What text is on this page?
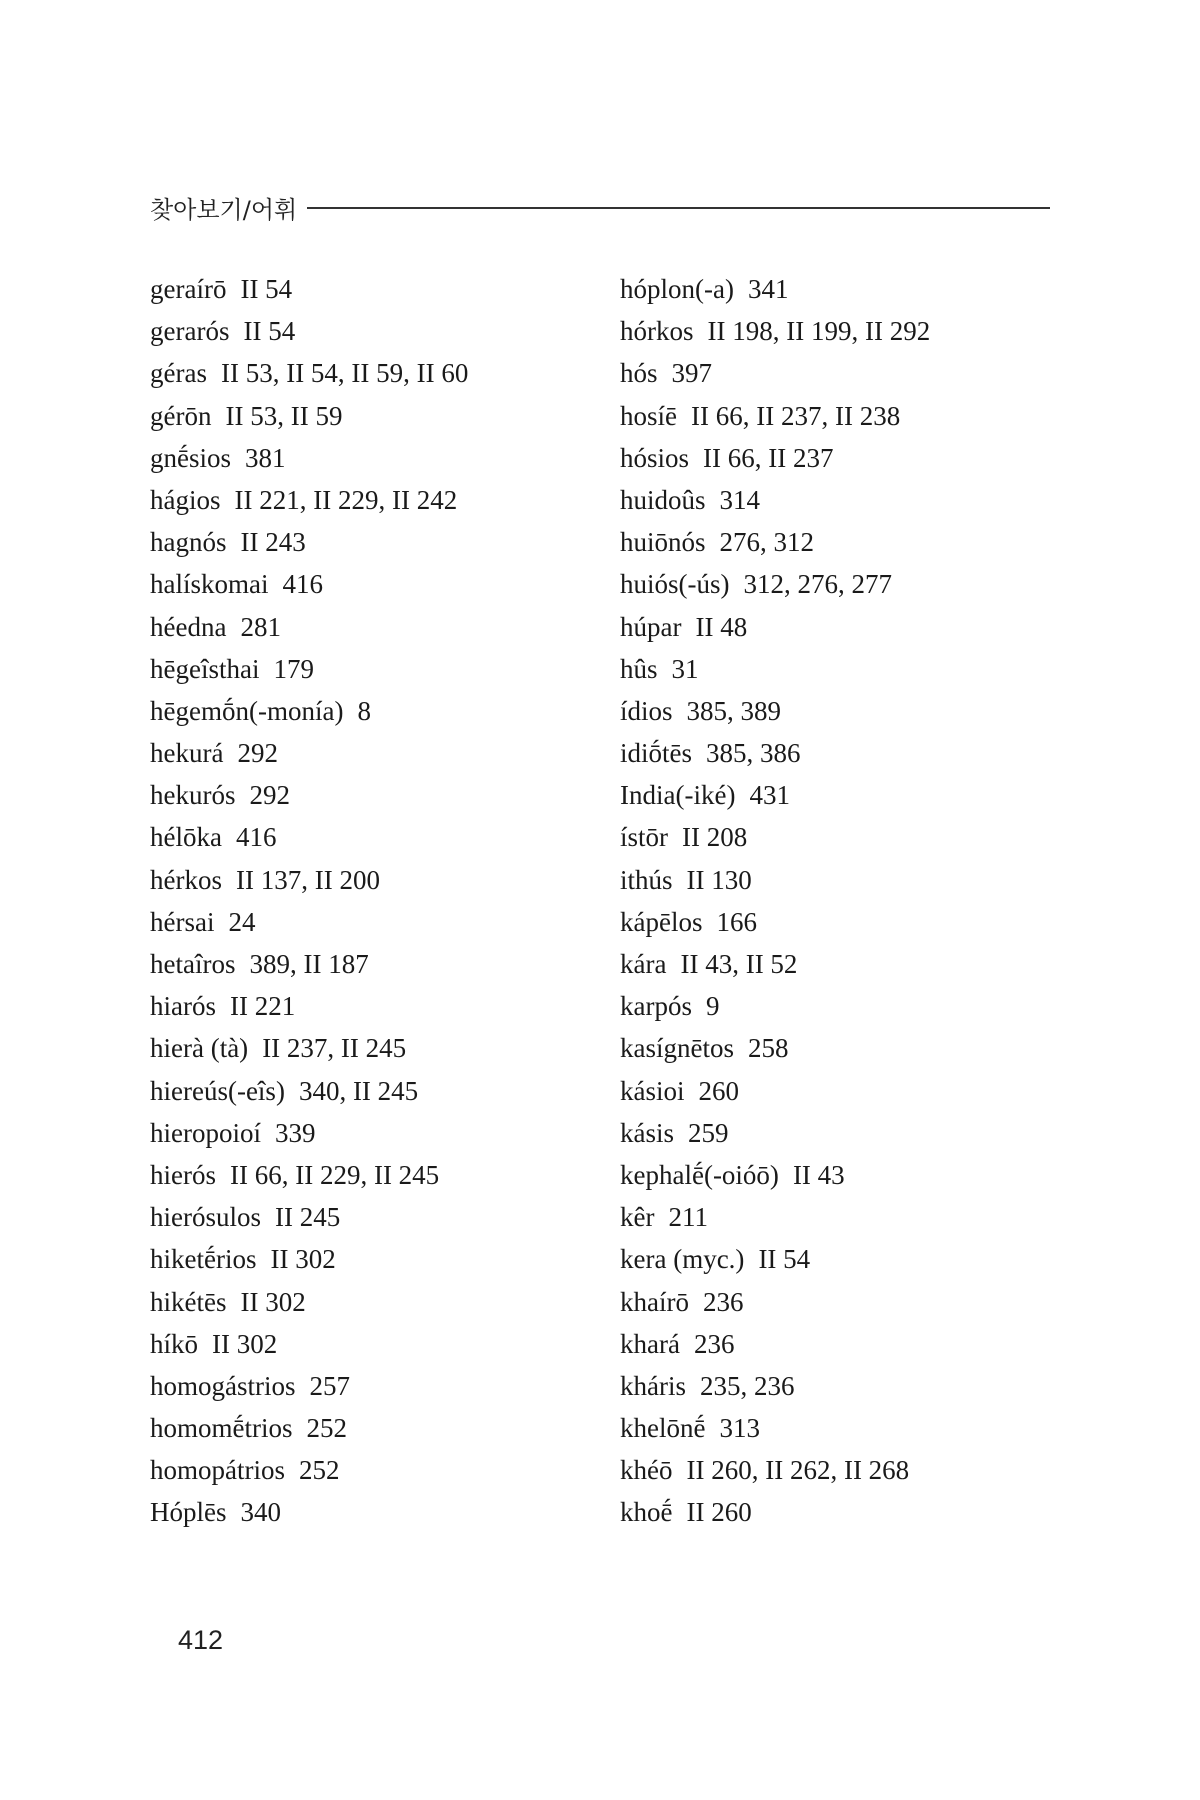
찾아보기/어휘
geraírō II 54
gerarós II 54
géras II 53, II 54, II 59, II 60
gérōn II 53, II 59
gnḗsios 381
hágios II 221, II 229, II 242
hagnós II 243
halískomai 416
héedna 281
hēgeîsthai 179
hēgemṓn(-monía) 8
hekurá 292
hekurós 292
hélōka 416
hérkos II 137, II 200
hérsai 24
hetaîros 389, II 187
hiarós II 221
hierà (tà) II 237, II 245
hiereús(-eîs) 340, II 245
hieropoioí 339
hierós II 66, II 229, II 245
hierósulos II 245
hiketḗrios II 302
hikétēs II 302
híkō II 302
homogástrios 257
homomḗtrios 252
homopátrios 252
Hóplēs 340
hóplon(-a) 341
hórkos II 198, II 199, II 292
hós 397
hosíē II 66, II 237, II 238
hósios II 66, II 237
huidoûs 314
huiōnós 276, 312
huiós(-ús) 312, 276, 277
húpar II 48
hûs 31
ídios 385, 389
idiṓtēs 385, 386
India(-iké) 431
ístōr II 208
ithús II 130
kápēlos 166
kára II 43, II 52
karpós 9
kasígnētos 258
kásioi 260
kásis 259
kephalḗ(-oióō) II 43
kêr 211
kera (myc.) II 54
khaírō 236
khará 236
kháris 235, 236
khelōnḗ 313
khéō II 260, II 262, II 268
khoḗ II 260
412
